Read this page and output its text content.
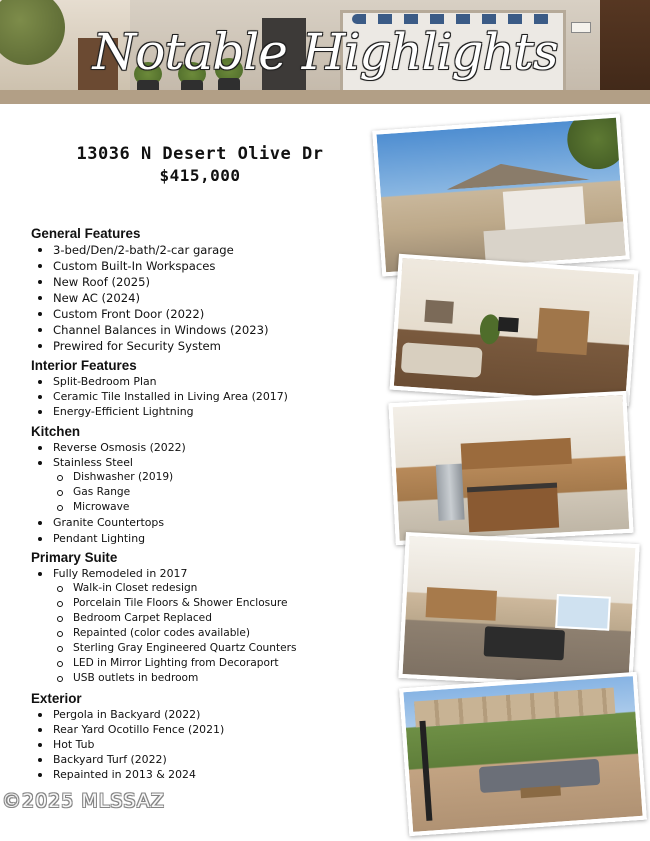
Notable Highlights
13036 N Desert Olive Dr
$415,000
General Features
3-bed/Den/2-bath/2-car garage
Custom Built-In Workspaces
New Roof (2025)
New AC (2024)
Custom Front Door (2022)
Channel Balances in Windows (2023)
Prewired for Security System
Interior Features
Split-Bedroom Plan
Ceramic Tile Installed in Living Area (2017)
Energy-Efficient Lightning
Kitchen
Reverse Osmosis (2022)
Stainless Steel
Dishwasher (2019)
Gas Range
Microwave
Granite Countertops
Pendant Lighting
Primary Suite
Fully Remodeled in 2017
Walk-in Closet redesign
Porcelain Tile Floors & Shower Enclosure
Bedroom Carpet Replaced
Repainted (color codes available)
Sterling Gray Engineered Quartz Counters
LED in Mirror Lighting from Decoraport
USB outlets in bedroom
Exterior
Pergola in Backyard (2022)
Rear Yard Ocotillo Fence (2021)
Hot Tub
Backyard Turf (2022)
Repainted in 2013 & 2024
©2025 MLSSAZ
